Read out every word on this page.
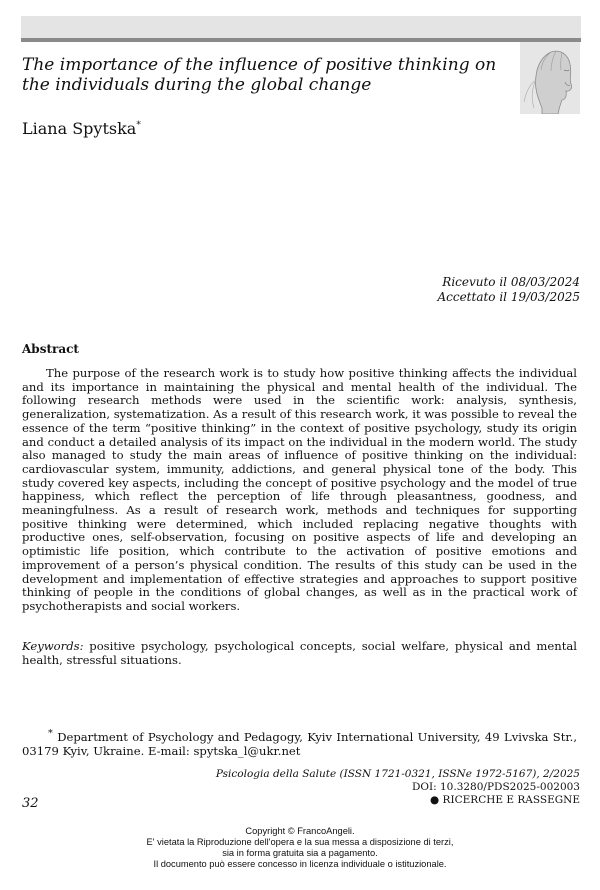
The importance of the influence of positive thinking on the individuals during the global change
Liana Spytska*
Ricevuto il 08/03/2024
Accettato il 19/03/2025
Abstract

The purpose of the research work is to study how positive thinking affects the individual and its importance in maintaining the physical and mental health of the individual. The following research methods were used in the scientific work: analysis, synthesis, generalization, systematization. As a result of this research work, it was possible to reveal the essence of the term “positive thinking” in the context of positive psychology, study its origin and conduct a detailed analysis of its impact on the individual in the modern world. The study also managed to study the main areas of influence of positive thinking on the individual: cardiovascular system, immunity, addictions, and general physical tone of the body. This study covered key aspects, including the concept of positive psychology and the model of true happiness, which reflect the perception of life through pleasantness, goodness, and meaningfulness. As a result of research work, methods and techniques for supporting positive thinking were determined, which included replacing negative thoughts with productive ones, self-observation, focusing on positive aspects of life and developing an optimistic life position, which contribute to the activation of positive emotions and improvement of a person’s physical condition. The results of this study can be used in the development and implementation of effective strategies and approaches to support positive thinking of people in the conditions of global changes, as well as in the practical work of psychotherapists and social workers.

Keywords: positive psychology, psychological concepts, social welfare, physical and mental health, stressful situations.

* Department of Psychology and Pedagogy, Kyiv International University, 49 Lvivska Str., 03179 Kyiv, Ukraine. E-mail: spytska_l@ukr.net

Psicologia della Salute (ISSN 1721-0321, ISSNe 1972-5167), 2/2025
DOI: 10.3280/PDS2025-002003
● RICERCHE E RASSEGNE
32
Copyright © FrancoAngeli.
E' vietata la Riproduzione dell'opera e la sua messa a disposizione di terzi,
sia in forma gratuita sia a pagamento.
Il documento può essere concesso in licenza individuale o istituzionale.
